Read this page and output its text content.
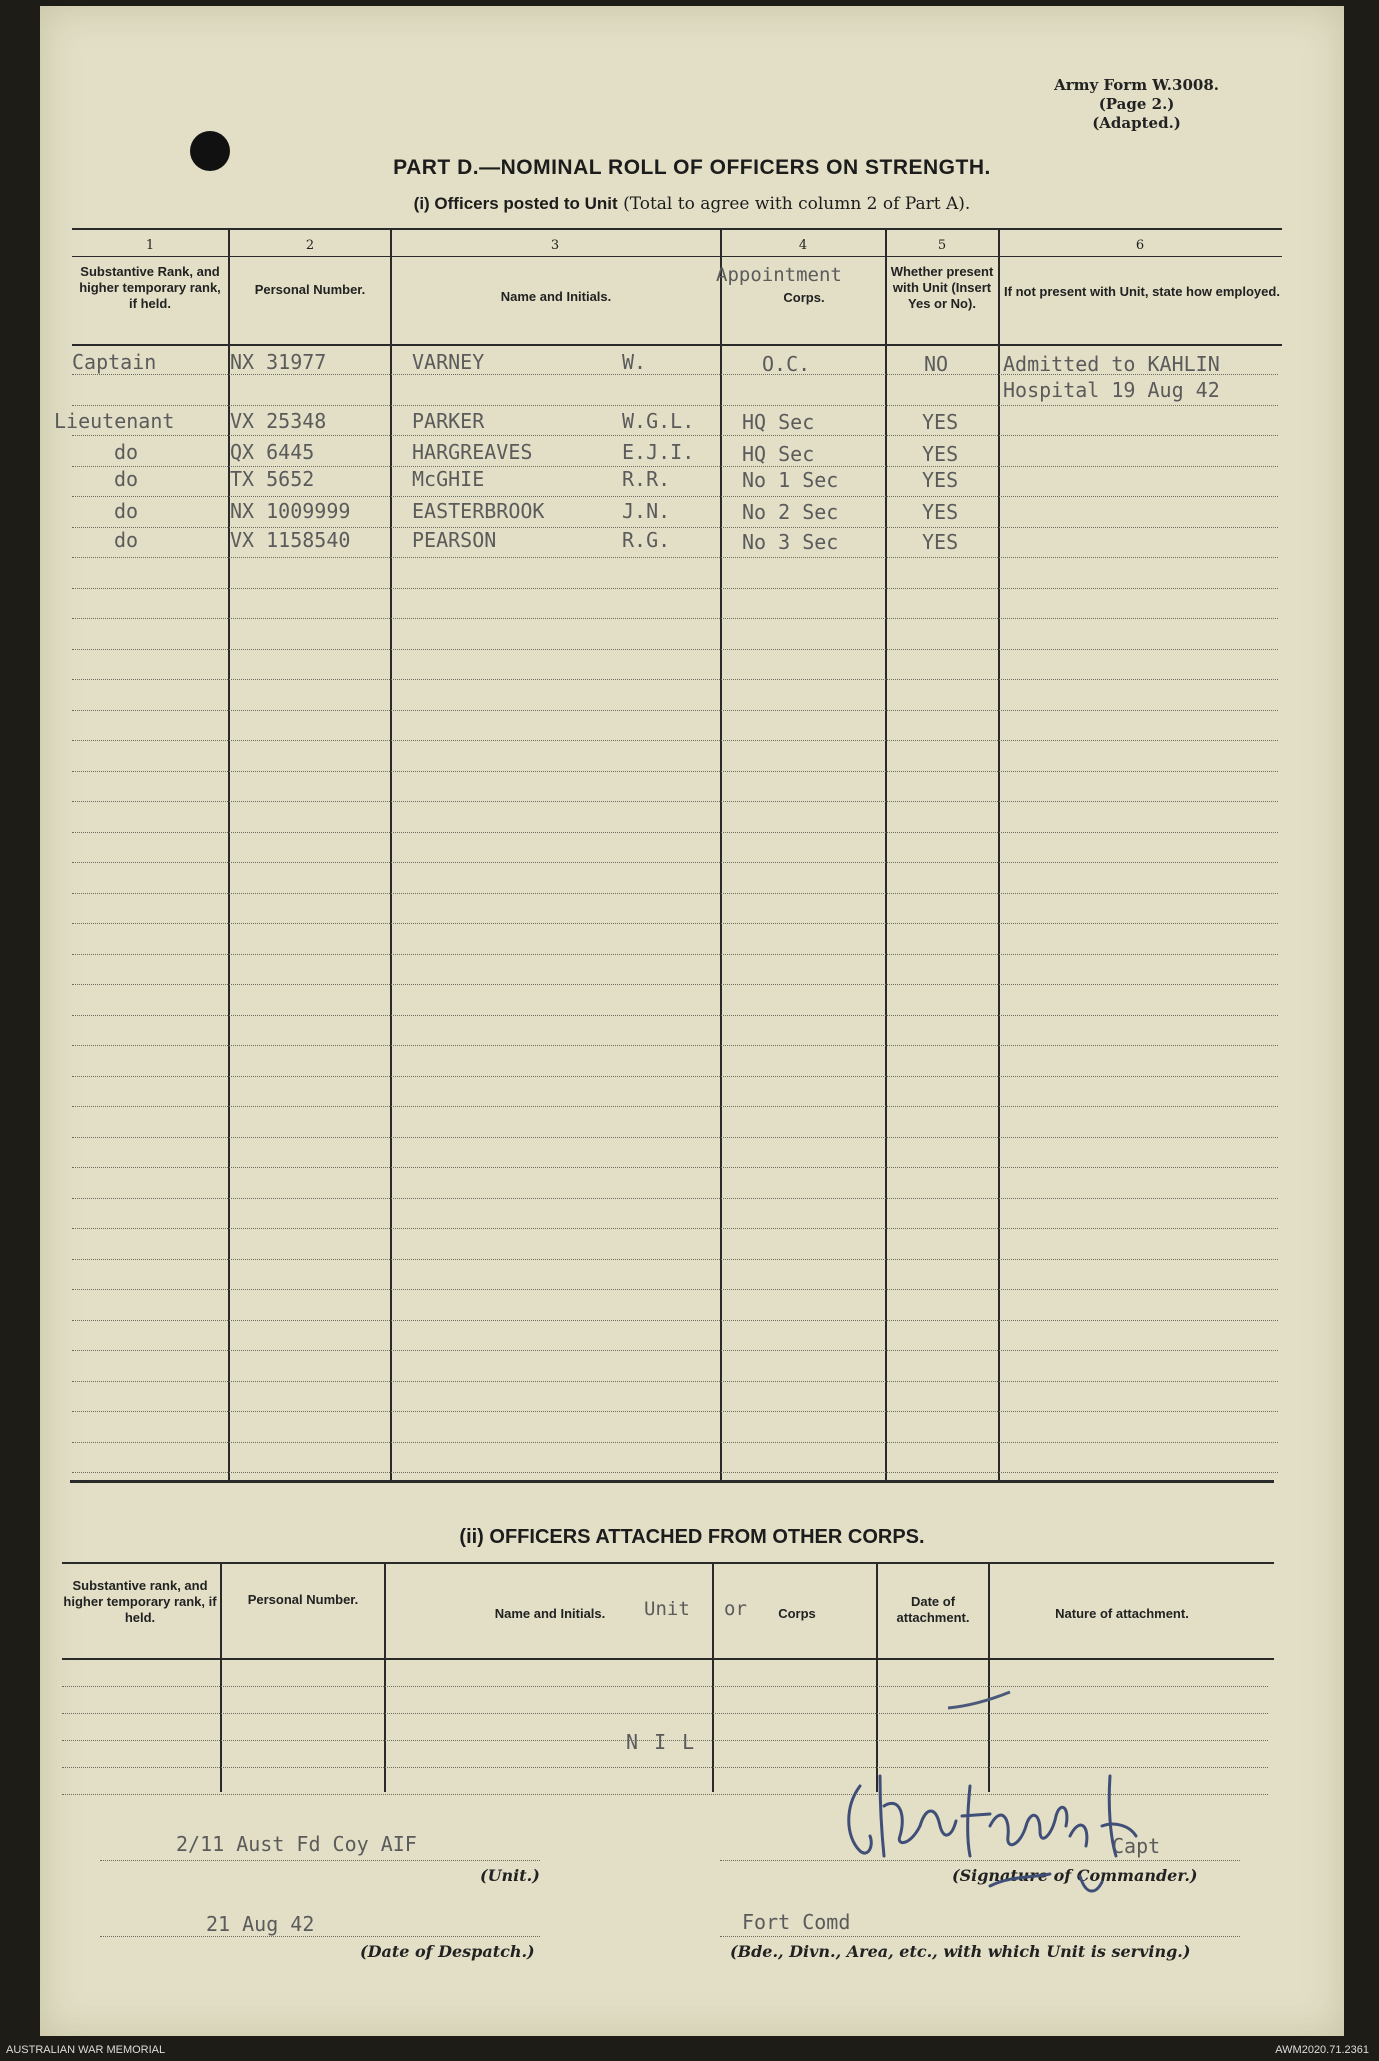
Army Form W.3008.
(Page 2.)
(Adapted.)
PART D.—NOMINAL ROLL OF OFFICERS ON STRENGTH.
(i) Officers posted to Unit (Total to agree with column 2 of Part A).
1	2	3	4	5	6
Substantive Rank, and higher temporary rank, if held.
Personal Number.	Name and Initials.	Corps.
Appointment	Whether present with Unit (Insert Yes or No).
If not present with Unit, state how employed.
Captain	NX 31977	VARNEY	W.	O.C.	NO	Admitted to KAHLIN
Hospital 19 Aug 42
Lieutenant	VX 25348	PARKER	W.G.L. HQ Sec	YES
do	QX 6445	HARGREAVES	E.J.I. HQ Sec	YES
do	TX 5652	McGHIE	R.R.	No 1 Sec	YES
do	NX 1009999	EASTERBROOK	J.N.	No 2 Sec	YES
do	VX 1158540	PEARSON	R.G.	No 3 Sec	YES
(ii) OFFICERS ATTACHED FROM OTHER CORPS.
Substantive rank, and higher temporary rank, if held.
Personal Number.
Name and Initials.	Unit or	Corps
Date of attachment.	Nature of attachment.
N I L
2/11 Aust Fd Coy AIF
(Unit.)
21 Aug 42
(Date of Despatch.)
Capt
(Signature of Commander.)
Fort Comd
(Bde., Divn., Area, etc., with which Unit is serving.)
AUSTRALIAN WAR MEMORIAL	AWM2020.71.2361
